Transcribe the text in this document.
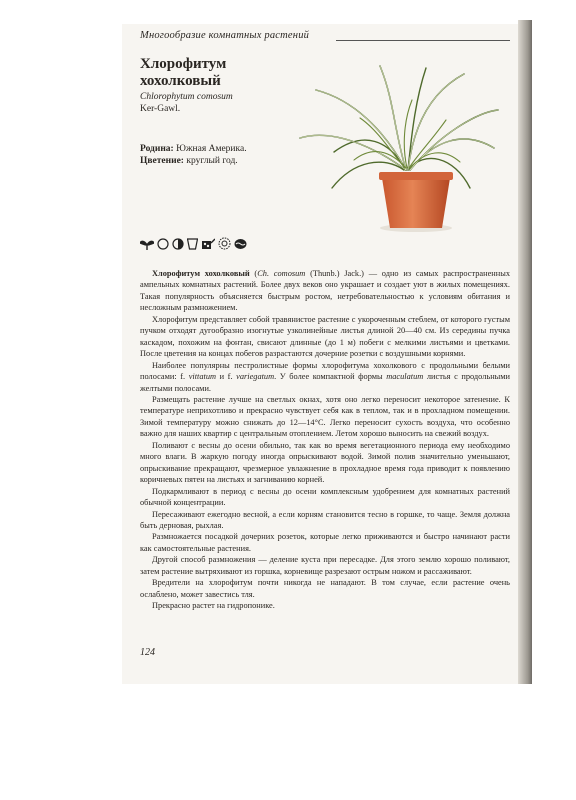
Многообразие комнатных растений
Хлорофитум
хохолковый
Chlorophytum comosum
Ker-Gawl.
Родина: Южная Америка.
Цветение: круглый год.

Хлорофитум хохолковый (Ch. comosum (Thunb.) Jack.) — одно из самых распространенных ампельных комнатных растений. Более двух веков оно украшает и создает уют в жилых помещениях. Такая популярность объясняется быстрым ростом, нетребовательностью к условиям обитания и несложным размножением.

Хлорофитум представляет собой травянистое растение с укороченным стеблем, от которого густым пучком отходят дугообразно изогнутые узколинейные листья длиной 20—40 см. Из середины пучка каскадом, похожим на фонтан, свисают длинные (до 1 м) побеги с мелкими листьями и цветками. После цветения на концах побегов разрастаются дочерние розетки с воздушными корнями.

Наиболее популярны пестролистные формы хлорофитума хохолкового с продольными белыми полосами: f. vittatum и f. variegatum. У более компактной формы maculatum листья с продольными желтыми полосами.

Размещать растение лучше на светлых окнах, хотя оно легко переносит некоторое затенение. К температуре неприхотливо и прекрасно чувствует себя как в теплом, так и в прохладном помещении. Зимой температуру можно снижать до 12—14°С. Легко переносит сухость воздуха, что особенно важно для наших квартир с центральным отоплением. Летом хорошо выносить на свежий воздух.

Поливают с весны до осени обильно, так как во время вегетационного периода ему необходимо много влаги. В жаркую погоду иногда опрыскивают водой. Зимой полив значительно уменьшают, опрыскивание прекращают, чрезмерное увлажнение в прохладное время года приводит к появлению коричневых пятен на листьях и загниванию корней.

Подкармливают в период с весны до осени комплексным удобрением для комнатных растений обычной концентрации.

Пересаживают ежегодно весной, а если корням становится тесно в горшке, то чаще. Земля должна быть дерновая, рыхлая.

Размножается посадкой дочерних розеток, которые легко приживаются и быстро начинают расти как самостоятельные растения.

Другой способ размножения — деление куста при пересадке. Для этого землю хорошо поливают, затем растение вытряхивают из горшка, корневище разрезают острым ножом и рассаживают.

Вредители на хлорофитум почти никогда не нападают. В том случае, если растение очень ослаблено, может завестись тля.

Прекрасно растет на гидропонике.

124
